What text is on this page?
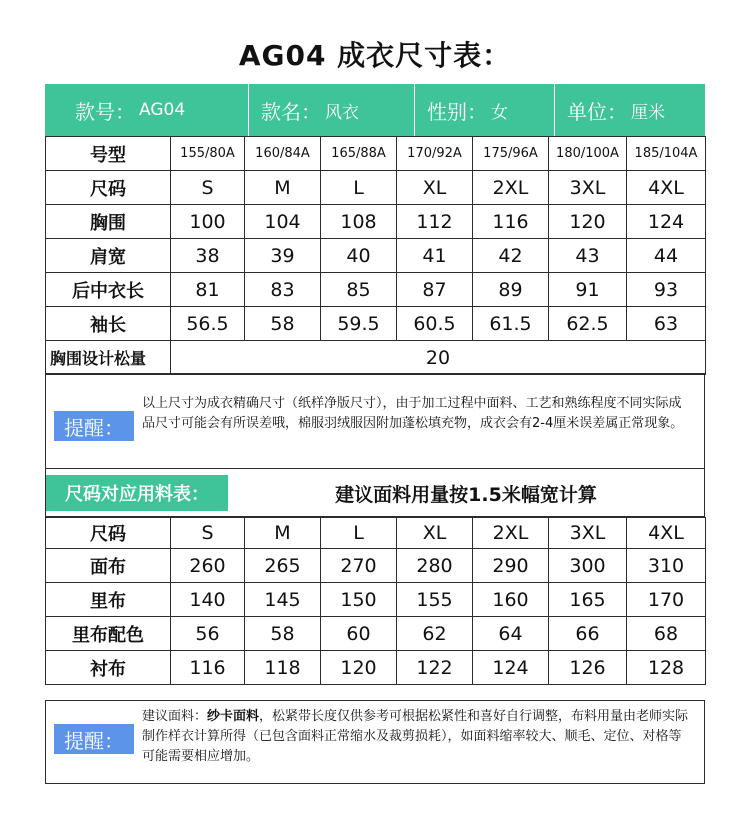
AG04 成衣尺寸表：
款号： AG04	款名： 风衣	性别： 女	单位： 厘米
号型	155/80A	160/84A	165/88A	170/92A	175/96A	180/100A	185/104A
尺码	S	M	L	XL	2XL	3XL	4XL
胸围	100	104	108	112	116	120	124
肩宽	38	39	40	41	42	43	44
后中衣长	81	83	85	87	89	91	93
袖长	56.5	58	59.5	60.5	61.5	62.5	63
胸围设计松量	20						
提醒：
以上尺寸为成衣精确尺寸（纸样净版尺寸），由于加工过程中面料、工艺和熟练程度不同实际成品尺寸可能会有所误差哦，棉服羽绒服因附加蓬松填充物，成衣会有2-4厘米误差属正常现象。
尺码对应用料表：	建议面料用量按1.5米幅宽计算
尺码	S	M	L	XL	2XL	3XL	4XL
面布	260	265	270	280	290	300	310
里布	140	145	150	155	160	165	170
里布配色	56	58	60	62	64	66	68
衬布	116	118	120	122	124	126	128
提醒：
建议面料：纱卡面料，松紧带长度仅供参考可根据松紧性和喜好自行调整，布料用量由老师实际制作样衣计算所得（已包含面料正常缩水及裁剪损耗），如面料缩率较大、顺毛、定位、对格等可能需要相应增加。
